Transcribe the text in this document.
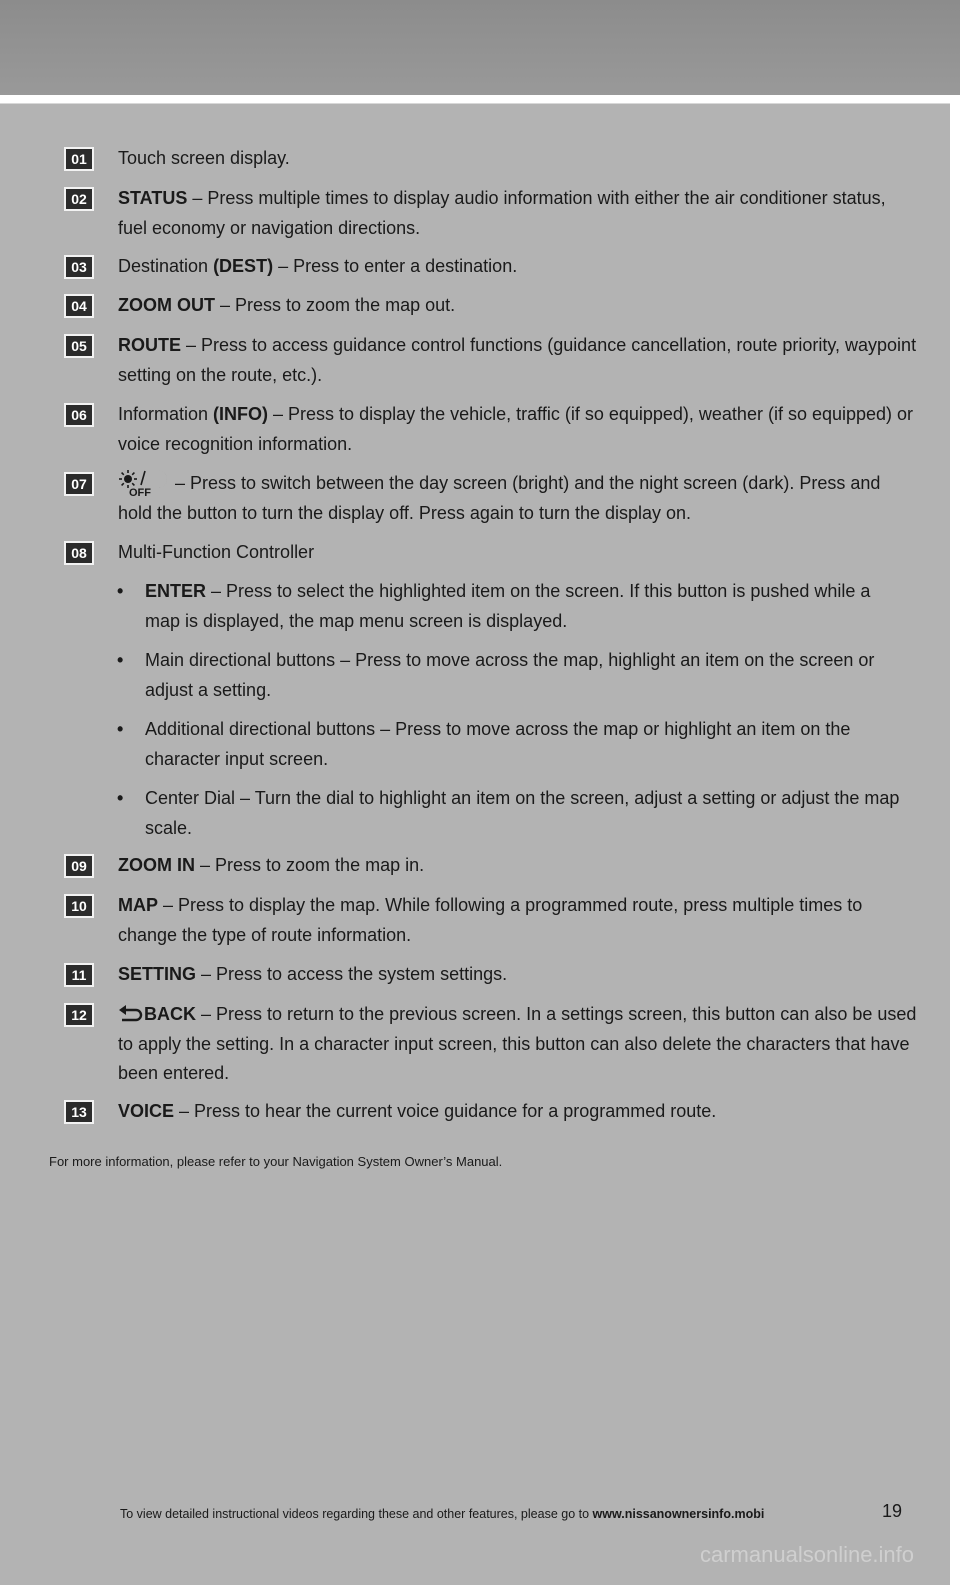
01	Touch screen display.
02	STATUS – Press multiple times to display audio information with either the air conditioner status, fuel economy or navigation directions.
03	Destination (DEST) – Press to enter a destination.
04	ZOOM OUT – Press to zoom the map out.
05	ROUTE – Press to access guidance control functions (guidance cancellation, route priority, waypoint setting on the route, etc.).
06	Information (INFO) – Press to display the vehicle, traffic (if so equipped), weather (if so equipped) or voice recognition information.
07
OFF
– Press to switch between the day screen (bright) and the night screen (dark). Press and hold the button to turn the display off. Press again to turn the display on.
08	Multi-Function Controller
• ENTER – Press to select the highlighted item on the screen. If this button is pushed while a map is displayed, the map menu screen is displayed.
• Main directional buttons – Press to move across the map, highlight an item on the screen or adjust a setting.
• Additional directional buttons – Press to move across the map or highlight an item on the character input screen.
• Center Dial – Turn the dial to highlight an item on the screen, adjust a setting or adjust the map scale.
09	ZOOM IN – Press to zoom the map in.
10	MAP – Press to display the map. While following a programmed route, press multiple times to change the type of route information.
11	SETTING – Press to access the system settings.
12	BACK – Press to return to the previous screen. In a settings screen, this button can also be used to apply the setting. In a character input screen, this button can also delete the characters that have been entered.
13	VOICE – Press to hear the current voice guidance for a programmed route.
For more information, please refer to your Navigation System Owner’s Manual.
To view detailed instructional videos regarding these and other features, please go to www.nissanownersinfo.mobi	19
carmanualsonline.info
